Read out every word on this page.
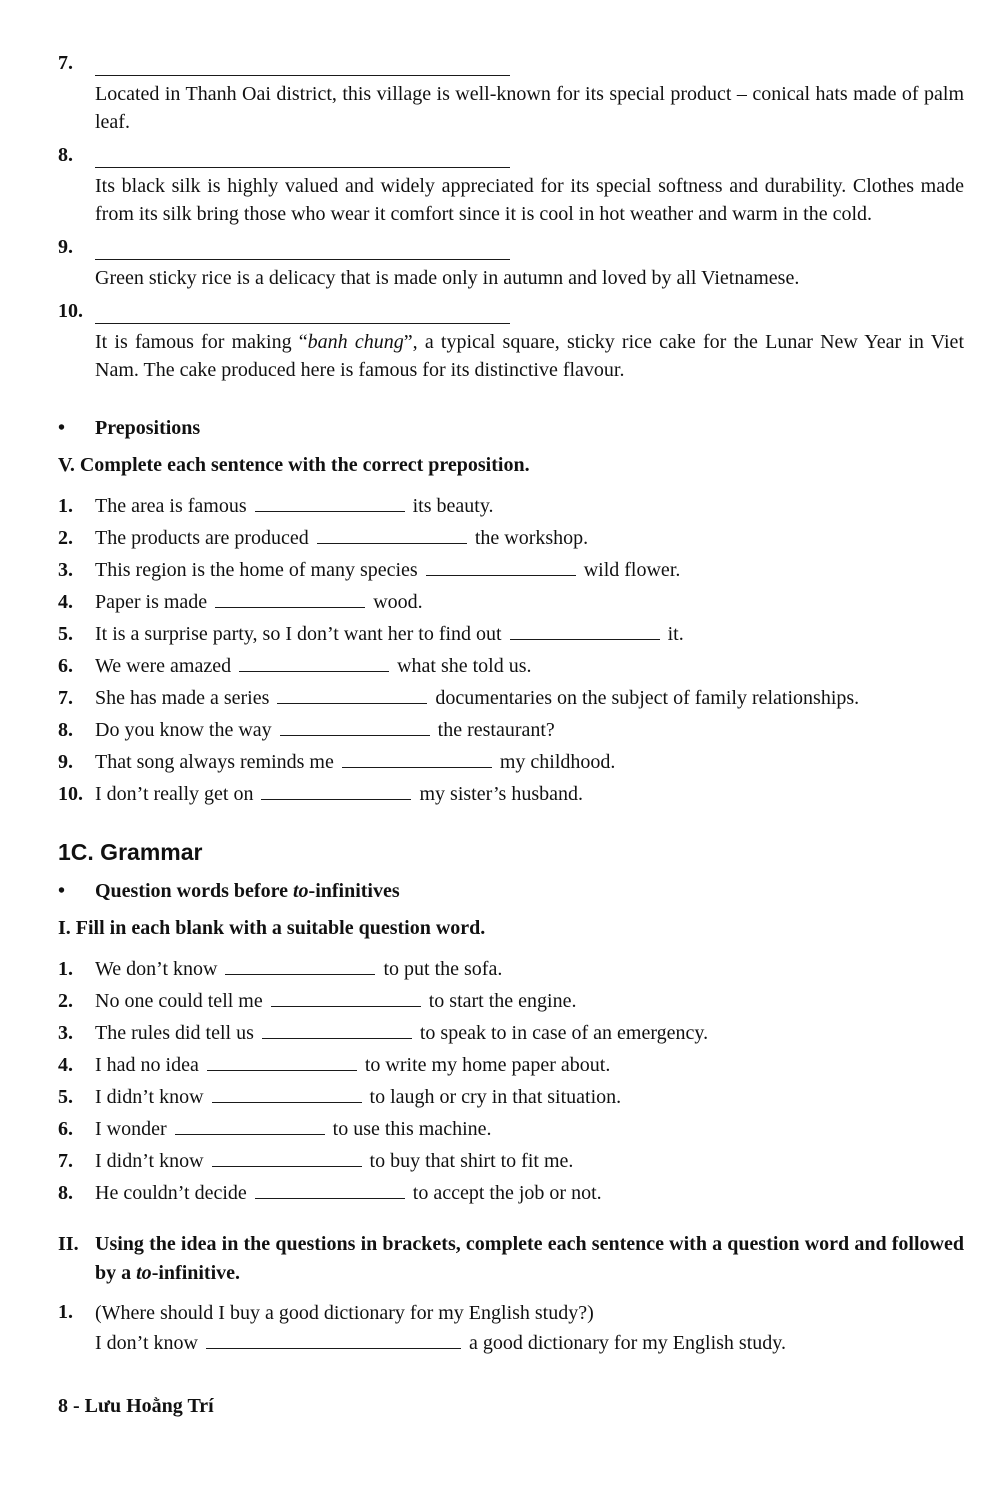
7.

Located in Thanh Oai district, this village is well-known for its special product – conical hats made of palm leaf.

8.

Its black silk is highly valued and widely appreciated for its special softness and durability. Clothes made from its silk bring those who wear it comfort since it is cool in hot weather and warm in the cold.

9.

Green sticky rice is a delicacy that is made only in autumn and loved by all Vietnamese.

10.

It is famous for making “banh chung”, a typical square, sticky rice cake for the Lunar New Year in Viet Nam. The cake produced here is famous for its distinctive flavour.

•	Prepositions
V. Complete each sentence with the correct preposition.
1.	The area is famous	its beauty.
2.	The products are produced	the workshop.
3.	This region is the home of many species	wild flower.
4.	Paper is made	wood.
5.	It is a surprise party, so I don’t want her to find out	it.
6.	We were amazed	what she told us.
7.	She has made a series	documentaries on the subject of family relationships.
8.	Do you know the way	the restaurant?
9.	That song always reminds me	my childhood.
10. I don’t really get on	my sister’s husband.
1C. Grammar
•	Question words before to-infinitives
I. Fill in each blank with a suitable question word.
1.	We don’t know	to put the sofa.
2.	No one could tell me	to start the engine.
3.	The rules did tell us	to speak to in case of an emergency.
4.	I had no idea	to write my home paper about.
5.	I didn’t know	to laugh or cry in that situation.
6.	I wonder	to use this machine.
7.	I didn’t know	to buy that shirt to fit me.
8.	He couldn’t decide	to accept the job or not.
II. Using the idea in the questions in brackets, complete each sentence with a question word and followed by a to-infinitive.
1.	(Where should I buy a good dictionary for my English study?)
I don’t know	a good dictionary for my English study.
8 - Lưu Hoằng Trí
